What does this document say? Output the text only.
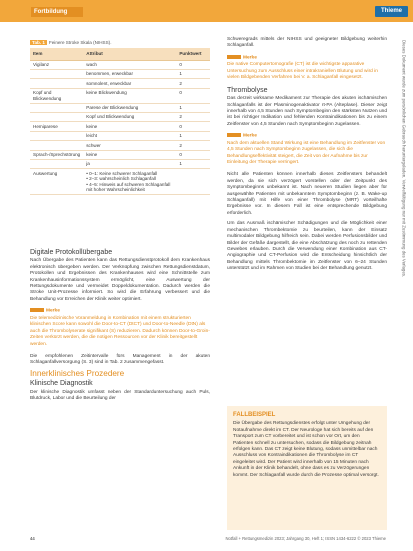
Fortbildung	Thieme
Tab. 1 Feinere Stroke Skala (NIHSS).
Item	Attribut	Punktwert
Vigilanz	wach	0
	benommen, erweckbar	1
	somnolent, erweckbar	2
Kopf und Blickwendung	keine Blickwendung	0
	Parese der Blickwendung	1
	Kopf und Blickwendung	2
Hemiparese	keine	0
	leicht	1
	schwer	2
Sprach-/Sprechstörung	keine	0
	ja	1
Auswertung	• 0–1: Keine schwerer Schlaganfall
• 2–3: wahrscheinlich Schlaganfall
• 4–5: Hinweis auf schweren Schlaganfall mit hoher Wahrscheinlichkeit	
Digitale Protokollübergabe

Nach Übergabe des Patienten kann das Rettungsdienstprotokoll dem Krankenhaus elektronisch übergeben werden. Der Verknüpfung zwischen Rettungsdienstdatum, Protokollen und Ergebnissen des Krankenhauses wird eine Schnittstelle zum Krankenhausinformationssystem ermöglicht, eine Auswertung der Rettungsdokumente und vermeidet Doppeldokumentation. Dadurch werden die Stroke Unit-Prozesse informiert. So wird die Erfahrung verbessert und die Behandlung vor Erreichen der Klinik weiter optimiert.

Merke
Die telemedizinische Voranmeldung in Kombination mit einem strukturierten klinischen Score kann sowohl die Door-to-CT (DtCT) und Door-to-Needle (DtN) als auch die Thrombolyserate signifikant (S) reduzieren. Dadurch können Door-to-Groin-Zeiten verkürzt werden, die die notigen Ressourcen vor der Klinik bereitgestellt werden.

Die empfohlenen Zeitintervalle fürs Management in der akuten Schlaganfallversorgung (S. 3) sind in Tab. 2 zusammengefasst.

Innerklinisches Prozedere
Klinische Diagnostik

Der klinische Diagnostik umfasst neben der Standarduntersuchung auch Puls, Blutdruck, Labor und die Beurteilung der

Schweregrads mittels der NIHSS und geeigneter Bildgebung weiterhin Schlaganfall.

Merke
Die native Computertomografie (CT) ist die wichtigste apparative Untersuchung zum Ausschluss einer intrakraniellen Blutung und wird in vielen Bildgebenden Verfahren bei V. a. Schlaganfall eingesetzt.
Thrombolyse

Das derzeit wirksame Medikament zur Therapie des akuten ischämischen Schlaganfalls ist der Plasminogenaktivator rt-PA (Alteplase). Dieser zeigt innerhalb von 4,5 Stunden nach Symptombeginn den stärksten Nutzen und ist bei richtiger Indikation und fehlenden Kontraindikationen bis zu einem Zeitfenster von 4,5 Stunden nach Symptombeginn zugelassen.

Merke
Nach dem aktuellen Stand Wirkung ist eine Behandlung im Zeitfenster von 4,5 Stunden nach Symptombeginn zugelassen, die sich die Behandlungseffektivität steigert, die Zeit von der Aufnahme bis zur Einleitung der Therapie verringert.

Nicht alle Patienten können innerhalb dieses Zeitfensters behandelt werden, da sie sich verzögert vorstellen oder der Zeitpunkt des Symptombeginns unbekannt ist. Nach neueren Studien liegen aber für ausgewählte Patienten mit unbekanntem Symptombeginn (z. B. Wake-up Schlaganfall) mit Hilfe von einer Thrombolyse (MRT) vorteilhafte Ergebnisse vor. In diesem Fall ist eine entsprechende Bildgebung erforderlich.

Um das Ausmaß ischämischer Schädigungen und die Möglichkeit einer mechanischen Thrombektomie zu beurteilen, kann der Einsatz multimodaler Bildgebung hilfreich sein. Dabei werden Perfusionsbilder und Bilder der Gefäße dargestellt, die eine Abschätzung des noch zu rettenden Gewebes erlauben. Durch die Verwendung einer Kombination aus CT-Angiographie und CT-Perfusion wird die Entscheidung hinsichtlich der Behandlung mittels Thrombektomie im Zeitfenster von 6–24 Stunden unterstützt und im Rahmen von Studien bei der Behandlung genutzt.

FALLBEISPIEL
Die Übergabe des Rettungsdienstes erfolgt unter Umgehung der Notaufnahme direkt im CT. Der Neurologe hat sich bereits auf den Transport zum CT vorbereitet und ist schon vor Ort, um den Patienten schnell zu untersuchen, sodass die Bildgebung zeitnah erfolgen kann. Das CT zeigt keine Blutung, sodass unmittelbar nach Ausschluss von Kontraindikationen die Thrombolyse im CT eingeleitet wird. Der Patient wird innerhalb von 15 Minuten nach Ankunft in der Klinik behandelt, ohne dass es zu Verzögerungen kommt. Der Schlaganfall wurde durch die Prozesse optimal versorgt.
Dieses Dokument wurde zum persönlichen Gebrauch heruntergeladen. Vervielfältigung nur mit Zustimmung des Verlages.
44	Notfall + Rettungsmedizin 2023; Jahrgang 30, Heft 1; ISSN 1434-6222 © 2023 Thieme
